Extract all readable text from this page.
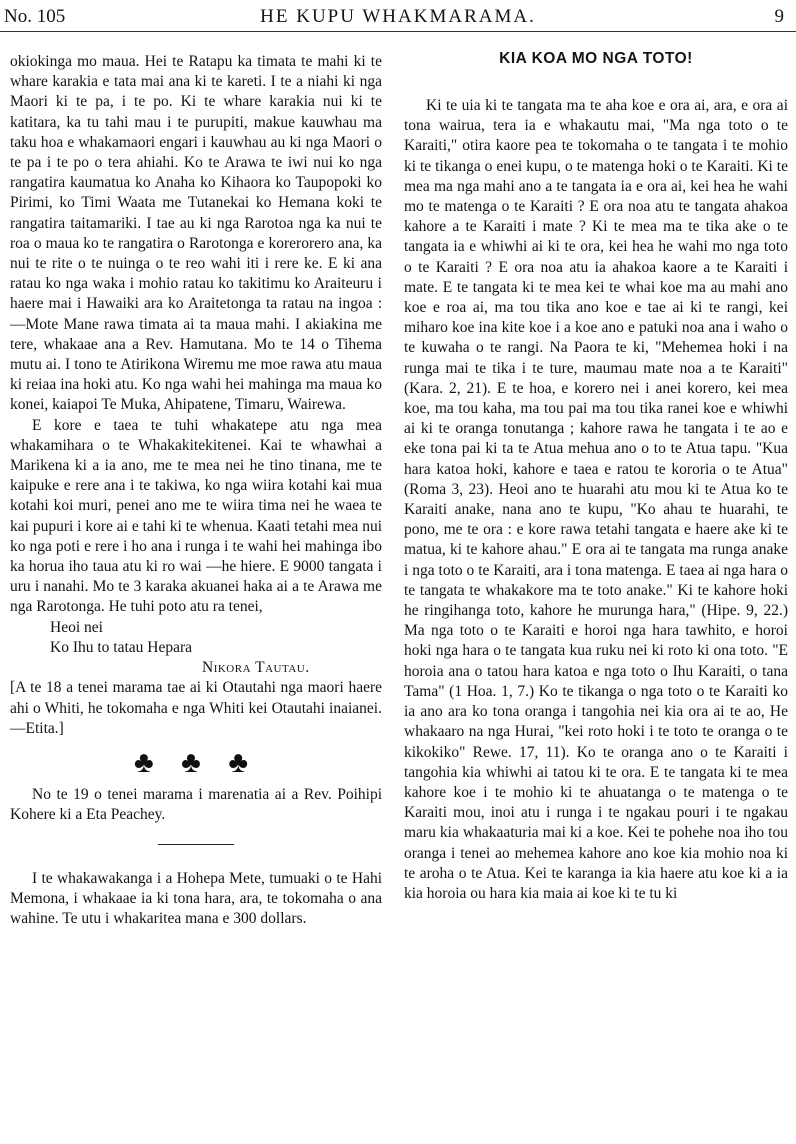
No. 105	HE KUPU WHAKMARAMA.	9

okiokinga mo maua. Hei te Ratapu ka timata te mahi ki te whare karakia e tata mai ana ki te kareti. I te a niahi ki nga Maori ki te pa, i te po. Ki te whare karakia nui ki te katitara, ka tu tahi mau i te purupiti, makue kauwhau ma taku hoa e whakamaori engari i kauwhau au ki nga Maori o te pa i te po o tera ahiahi. Ko te Arawa te iwi nui ko nga rangatira kaumatua ko Anaha ko Kihaora ko Taupopoki ko Pirimi, ko Timi Waata me Tutanekai ko Hemana koki te rangatira taitamariki. I tae au ki nga Rarotoa nga ka nui te roa o maua ko te rangatira o Rarotonga e korerorero ana, ka nui te rite o te nuinga o te reo wahi iti i rere ke. E ki ana ratau ko nga waka i mohio ratau ko takitimu ko Araiteuru i haere mai i Hawaiki ara ko Araitetonga ta ratau na ingoa :—Mote Mane rawa timata ai ta maua mahi. I akiakina me tere, whakaae ana a Rev. Hamutana. Mo te 14 o Tihema mutu ai. I tono te Atirikona Wiremu me moe rawa atu maua ki reiaa ina hoki atu. Ko nga wahi hei mahinga ma maua ko konei, kaiapoi Te Muka, Ahipatene, Timaru, Wairewa.

E kore e taea te tuhi whakatepe atu nga mea whakamihara o te Whakakitekitenei. Kai te whawhai a Marikena ki a ia ano, me te mea nei he tino tinana, me te kaipuke e rere ana i te takiwa, ko nga wiira kotahi kai mua kotahi koi muri, penei ano me te wiira tima nei he waea te kai pupuri i kore ai e tahi ki te whenua. Kaati tetahi mea nui ko nga poti e rere i ho ana i runga i te wahi hei mahinga ibo ka horua iho taua atu ki ro wai —he hiere. E 9000 tangata i uru i nanahi. Mo te 3 karaka akuanei haka ai a te Arawa me nga Rarotonga. He tuhi poto atu ra tenei,

Heoi nei

Ko Ihu to tatau Hepara

Nikora Tautau.

[A te 18 a tenei marama tae ai ki Otautahi nga maori haere ahi o Whiti, he tokomaha e nga Whiti kei Otautahi inaianei.—Etita.]

♣ ♣ ♣

No te 19 o tenei marama i marenatia ai a Rev. Poihipi Kohere ki a Eta Peachey.

I te whakawakanga i a Hohepa Mete, tumuaki o te Hahi Memona, i whakaae ia ki tona hara, ara, te tokomaha o ana wahine. Te utu i whakaritea mana e 300 dollars.

KIA KOA MO NGA TOTO!

Ki te uia ki te tangata ma te aha koe e ora ai, ara, e ora ai tona wairua, tera ia e whakautu mai, "Ma nga toto o te Karaiti," otira kaore pea te tokomaha o te tangata i te mohio ki te tikanga o enei kupu, o te matenga hoki o te Karaiti. Ki te mea ma nga mahi ano a te tangata ia e ora ai, kei hea he wahi mo te matenga o te Karaiti ? E ora noa atu te tangata ahakoa kahore a te Karaiti i mate ? Ki te mea ma te tika ake o te tangata ia e whiwhi ai ki te ora, kei hea he wahi mo nga toto o te Karaiti ? E ora noa atu ia ahakoa kaore a te Karaiti i mate. E te tangata ki te mea kei te whai koe ma au mahi ano koe e roa ai, ma tou tika ano koe e tae ai ki te rangi, kei miharo koe ina kite koe i a koe ano e patuki noa ana i waho o te kuwaha o te rangi. Na Paora te ki, "Mehemea hoki i na runga mai te tika i te ture, maumau mate noa a te Karaiti" (Kara. 2, 21). E te hoa, e korero nei i anei korero, kei mea koe, ma tou kaha, ma tou pai ma tou tika ranei koe e whiwhi ai ki te oranga tonutanga ; kahore rawa he tangata i te ao e eke tona pai ki ta te Atua mehua ano o to te Atua tapu. "Kua hara katoa hoki, kahore e taea e ratou te kororia o te Atua" (Roma 3, 23). Heoi ano te huarahi atu mou ki te Atua ko te Karaiti anake, nana ano te kupu, "Ko ahau te huarahi, te pono, me te ora : e kore rawa tetahi tangata e haere ake ki te matua, ki te kahore ahau." E ora ai te tangata ma runga anake i nga toto o te Karaiti, ara i tona matenga. E taea ai nga hara o te tangata te whakakore ma te toto anake." Ki te kahore hoki he ringihanga toto, kahore he murunga hara," (Hipe. 9, 22.) Ma nga toto o te Karaiti e horoi nga hara tawhito, e horoi hoki nga hara o te tangata kua ruku nei ki roto ki ona toto. "E horoia ana o tatou hara katoa e nga toto o Ihu Karaiti, o tana Tama" (1 Hoa. 1, 7.) Ko te tikanga o nga toto o te Karaiti ko ia ano ara ko tona oranga i tangohia nei kia ora ai te ao, He whakaaro na nga Hurai, "kei roto hoki i te toto te oranga o te kikokiko" Rewe. 17, 11). Ko te oranga ano o te Karaiti i tangohia kia whiwhi ai tatou ki te ora. E te tangata ki te mea kahore koe i te mohio ki te ahuatanga o te matenga o te Karaiti mou, inoi atu i runga i te ngakau pouri i te ngakau maru kia whakaaturia mai ki a koe. Kei te pohehe noa iho tou oranga i tenei ao mehemea kahore ano koe kia mohio noa ki te aroha o te Atua. Kei te karanga ia kia haere atu koe ki a ia kia horoia ou hara kia maia ai koe ki te tu ki
